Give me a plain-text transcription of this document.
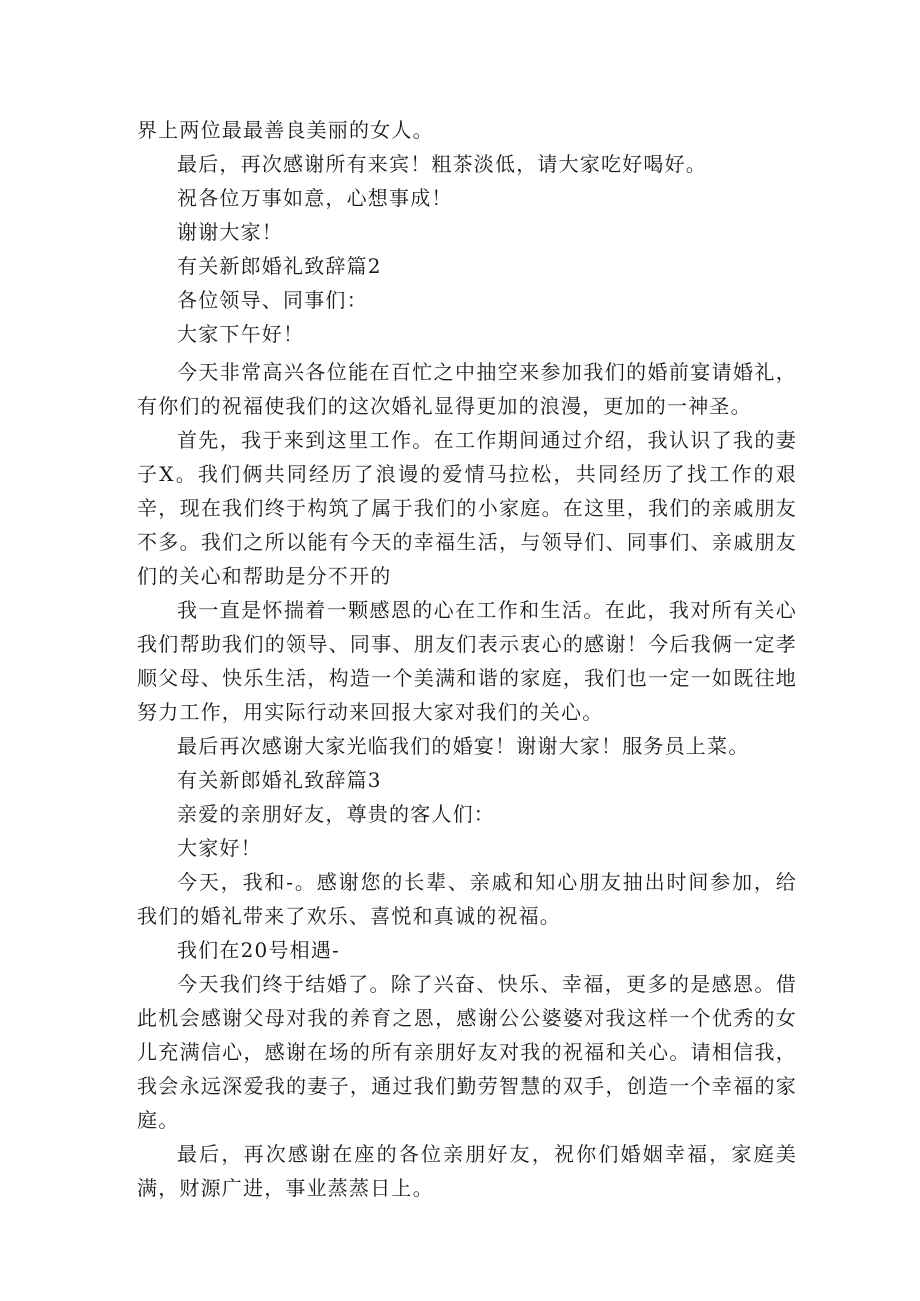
界上两位最最善良美丽的女人。

最后，再次感谢所有来宾！粗茶淡低，请大家吃好喝好。

祝各位万事如意，心想事成！

谢谢大家！

有关新郎婚礼致辞篇2

各位领导、同事们：

大家下午好！

今天非常高兴各位能在百忙之中抽空来参加我们的婚前宴请婚礼，有你们的祝福使我们的这次婚礼显得更加的浪漫，更加的一神圣。

首先，我于来到这里工作。在工作期间通过介绍，我认识了我的妻子X。我们俩共同经历了浪谩的爱情马拉松，共同经历了找工作的艰辛，现在我们终于构筑了属于我们的小家庭。在这里，我们的亲戚朋友不多。我们之所以能有今天的幸福生活，与领导们、同事们、亲戚朋友们的关心和帮助是分不开的

我一直是怀揣着一颗感恩的心在工作和生活。在此，我对所有关心我们帮助我们的领导、同事、朋友们表示衷心的感谢！今后我俩一定孝顺父母、快乐生活，构造一个美满和谐的家庭，我们也一定一如既往地努力工作，用实际行动来回报大家对我们的关心。

最后再次感谢大家光临我们的婚宴！谢谢大家！服务员上菜。

有关新郎婚礼致辞篇3

亲爱的亲朋好友，尊贵的客人们：

大家好！

今天，我和-。感谢您的长辈、亲戚和知心朋友抽出时间参加，给我们的婚礼带来了欢乐、喜悦和真诚的祝福。

我们在20号相遇-

今天我们终于结婚了。除了兴奋、快乐、幸福，更多的是感恩。借此机会感谢父母对我的养育之恩，感谢公公婆婆对我这样一个优秀的女儿充满信心，感谢在场的所有亲朋好友对我的祝福和关心。请相信我，我会永远深爱我的妻子，通过我们勤劳智慧的双手，创造一个幸福的家庭。

最后，再次感谢在座的各位亲朋好友，祝你们婚姻幸福，家庭美满，财源广进，事业蒸蒸日上。
